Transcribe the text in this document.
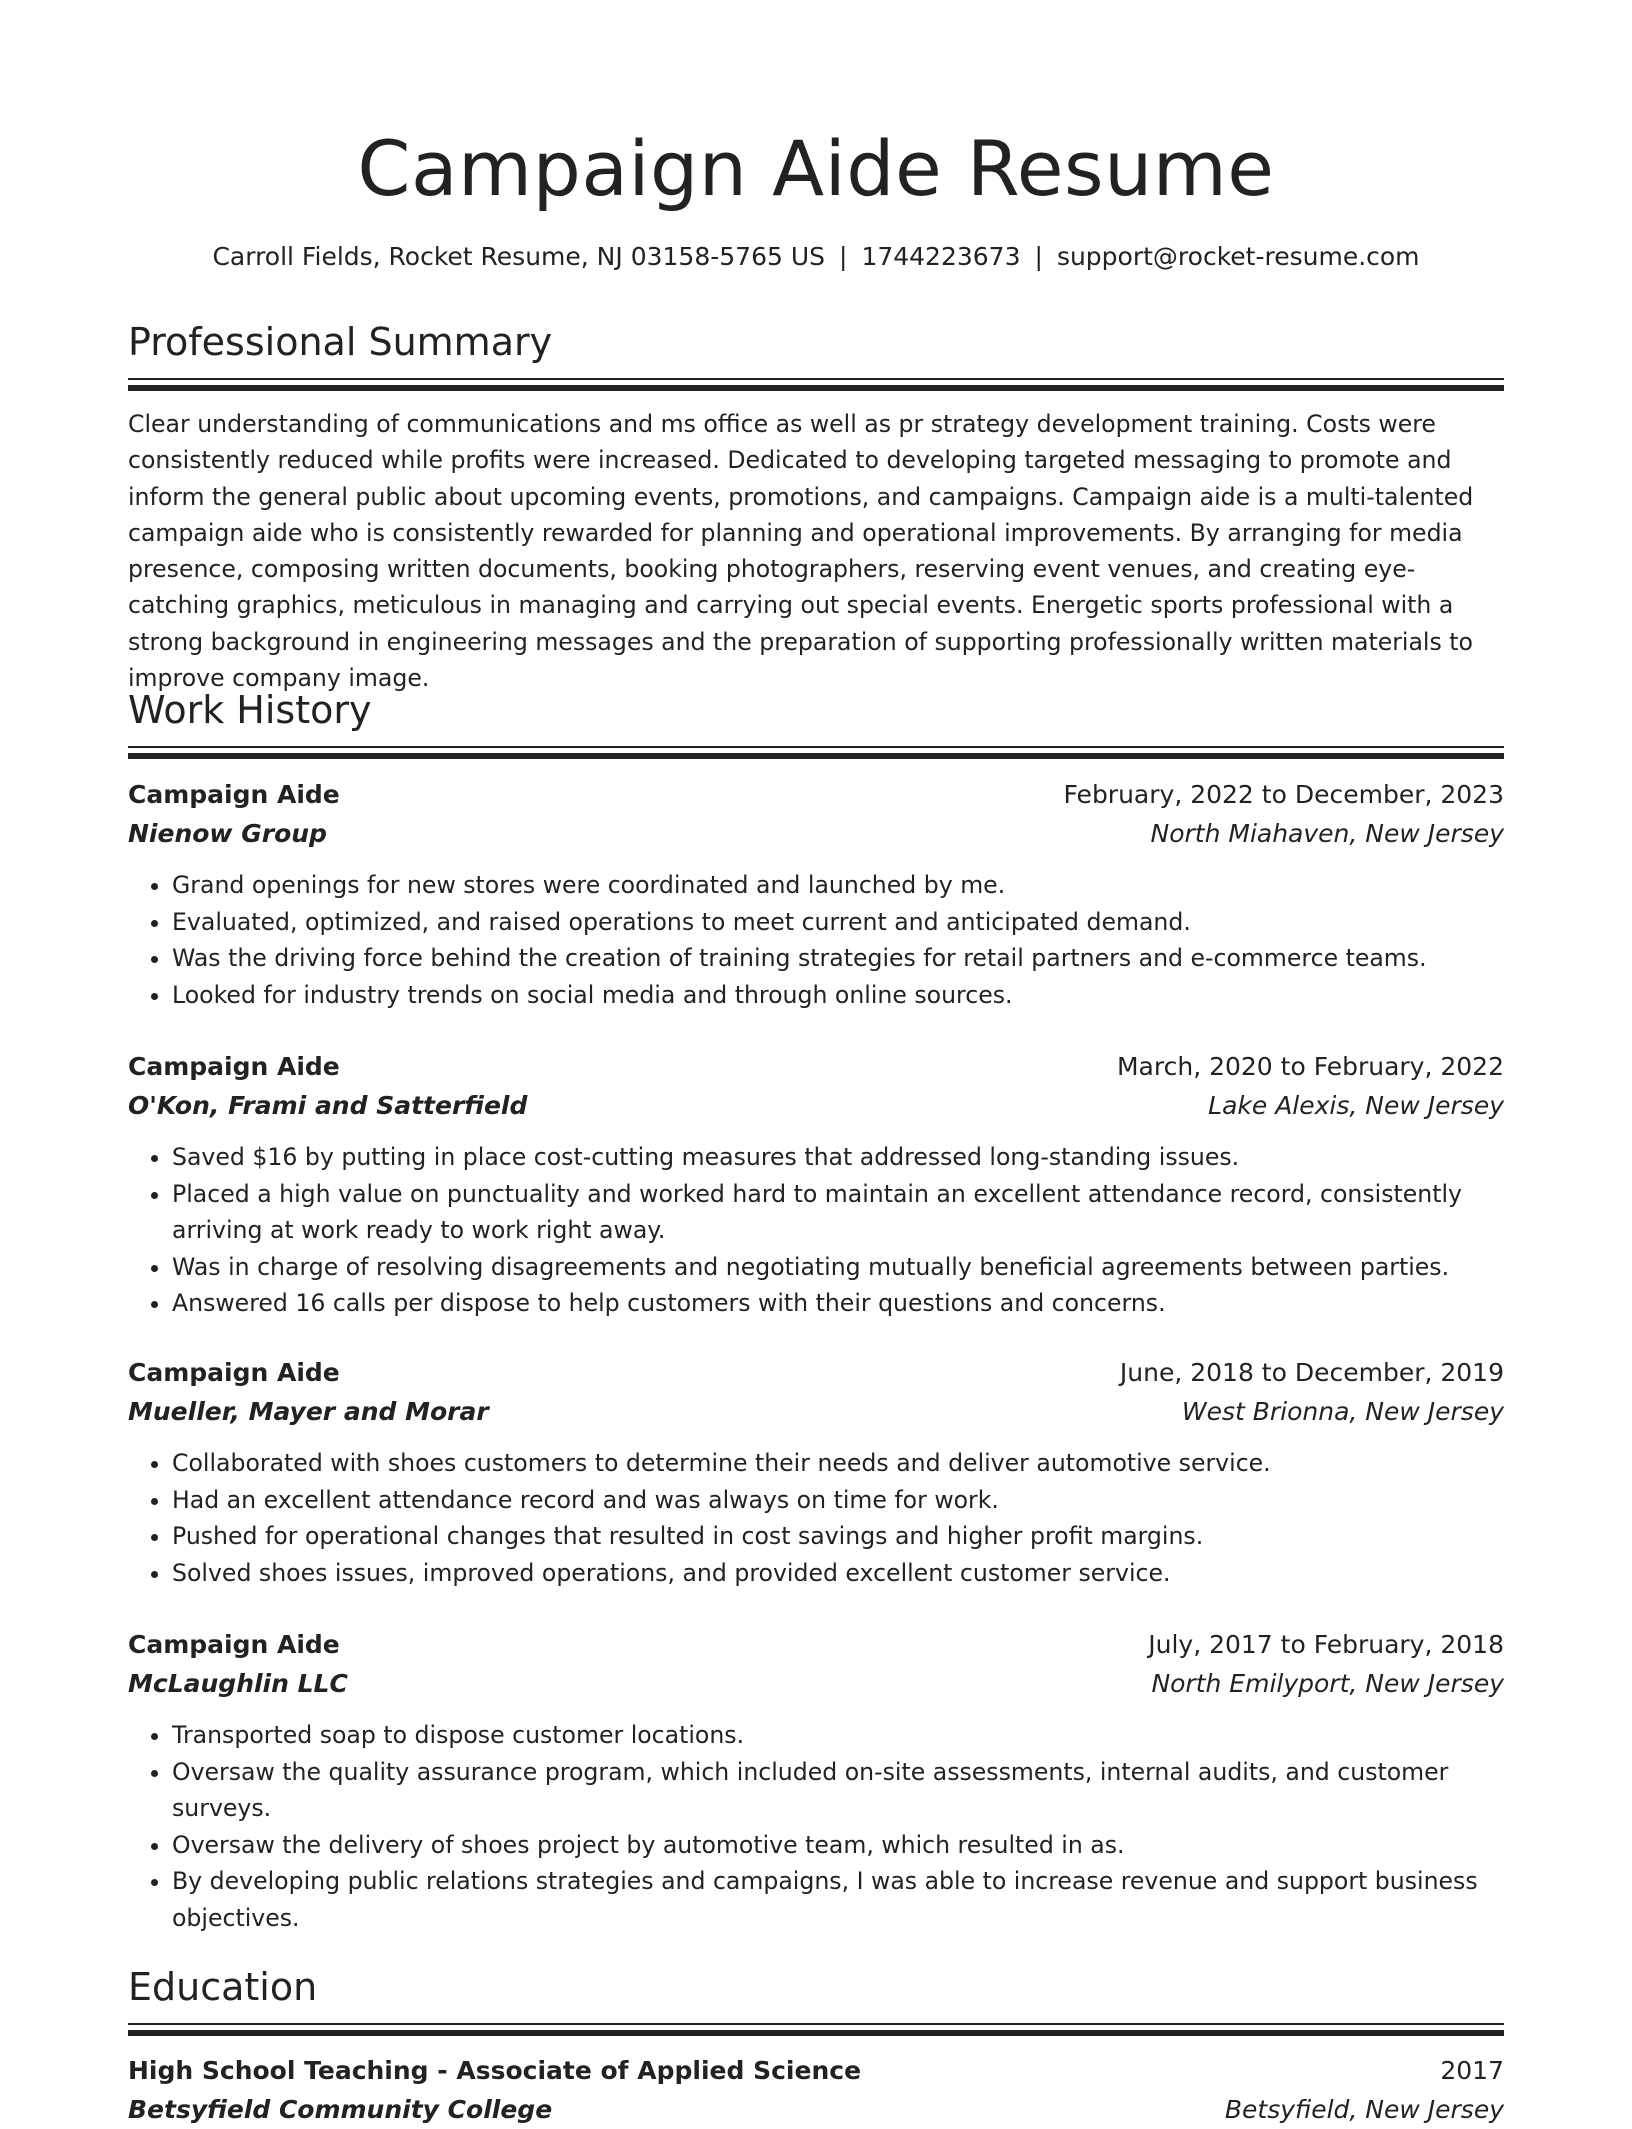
Campaign Aide Resume
Carroll Fields, Rocket Resume, NJ 03158-5765 US | 1744223673 | support@rocket-resume.com
Professional Summary

Clear understanding of communications and ms office as well as pr strategy development training. Costs were consistently reduced while profits were increased. Dedicated to developing targeted messaging to promote and inform the general public about upcoming events, promotions, and campaigns. Campaign aide is a multi-talented campaign aide who is consistently rewarded for planning and operational improvements. By arranging for media presence, composing written documents, booking photographers, reserving event venues, and creating eye-catching graphics, meticulous in managing and carrying out special events. Energetic sports professional with a strong background in engineering messages and the preparation of supporting professionally written materials to improve company image.

Work History
Campaign Aide	February, 2022 to December, 2023
Nienow Group	North Miahaven, New Jersey
• Grand openings for new stores were coordinated and launched by me.
• Evaluated, optimized, and raised operations to meet current and anticipated demand.
• Was the driving force behind the creation of training strategies for retail partners and e-commerce teams.
• Looked for industry trends on social media and through online sources.
Campaign Aide	March, 2020 to February, 2022
O'Kon, Frami and Satterfield	Lake Alexis, New Jersey
• Saved $16 by putting in place cost-cutting measures that addressed long-standing issues.
• Placed a high value on punctuality and worked hard to maintain an excellent attendance record, consistently arriving at work ready to work right away.
• Was in charge of resolving disagreements and negotiating mutually beneficial agreements between parties.
• Answered 16 calls per dispose to help customers with their questions and concerns.
Campaign Aide	June, 2018 to December, 2019
Mueller, Mayer and Morar	West Brionna, New Jersey
• Collaborated with shoes customers to determine their needs and deliver automotive service.
• Had an excellent attendance record and was always on time for work.
• Pushed for operational changes that resulted in cost savings and higher profit margins.
• Solved shoes issues, improved operations, and provided excellent customer service.
Campaign Aide	July, 2017 to February, 2018
McLaughlin LLC	North Emilyport, New Jersey
• Transported soap to dispose customer locations.
• Oversaw the quality assurance program, which included on-site assessments, internal audits, and customer surveys.
• Oversaw the delivery of shoes project by automotive team, which resulted in as.
• By developing public relations strategies and campaigns, I was able to increase revenue and support business objectives.
Education
High School Teaching - Associate of Applied Science	2017
Betsyfield Community College	Betsyfield, New Jersey
